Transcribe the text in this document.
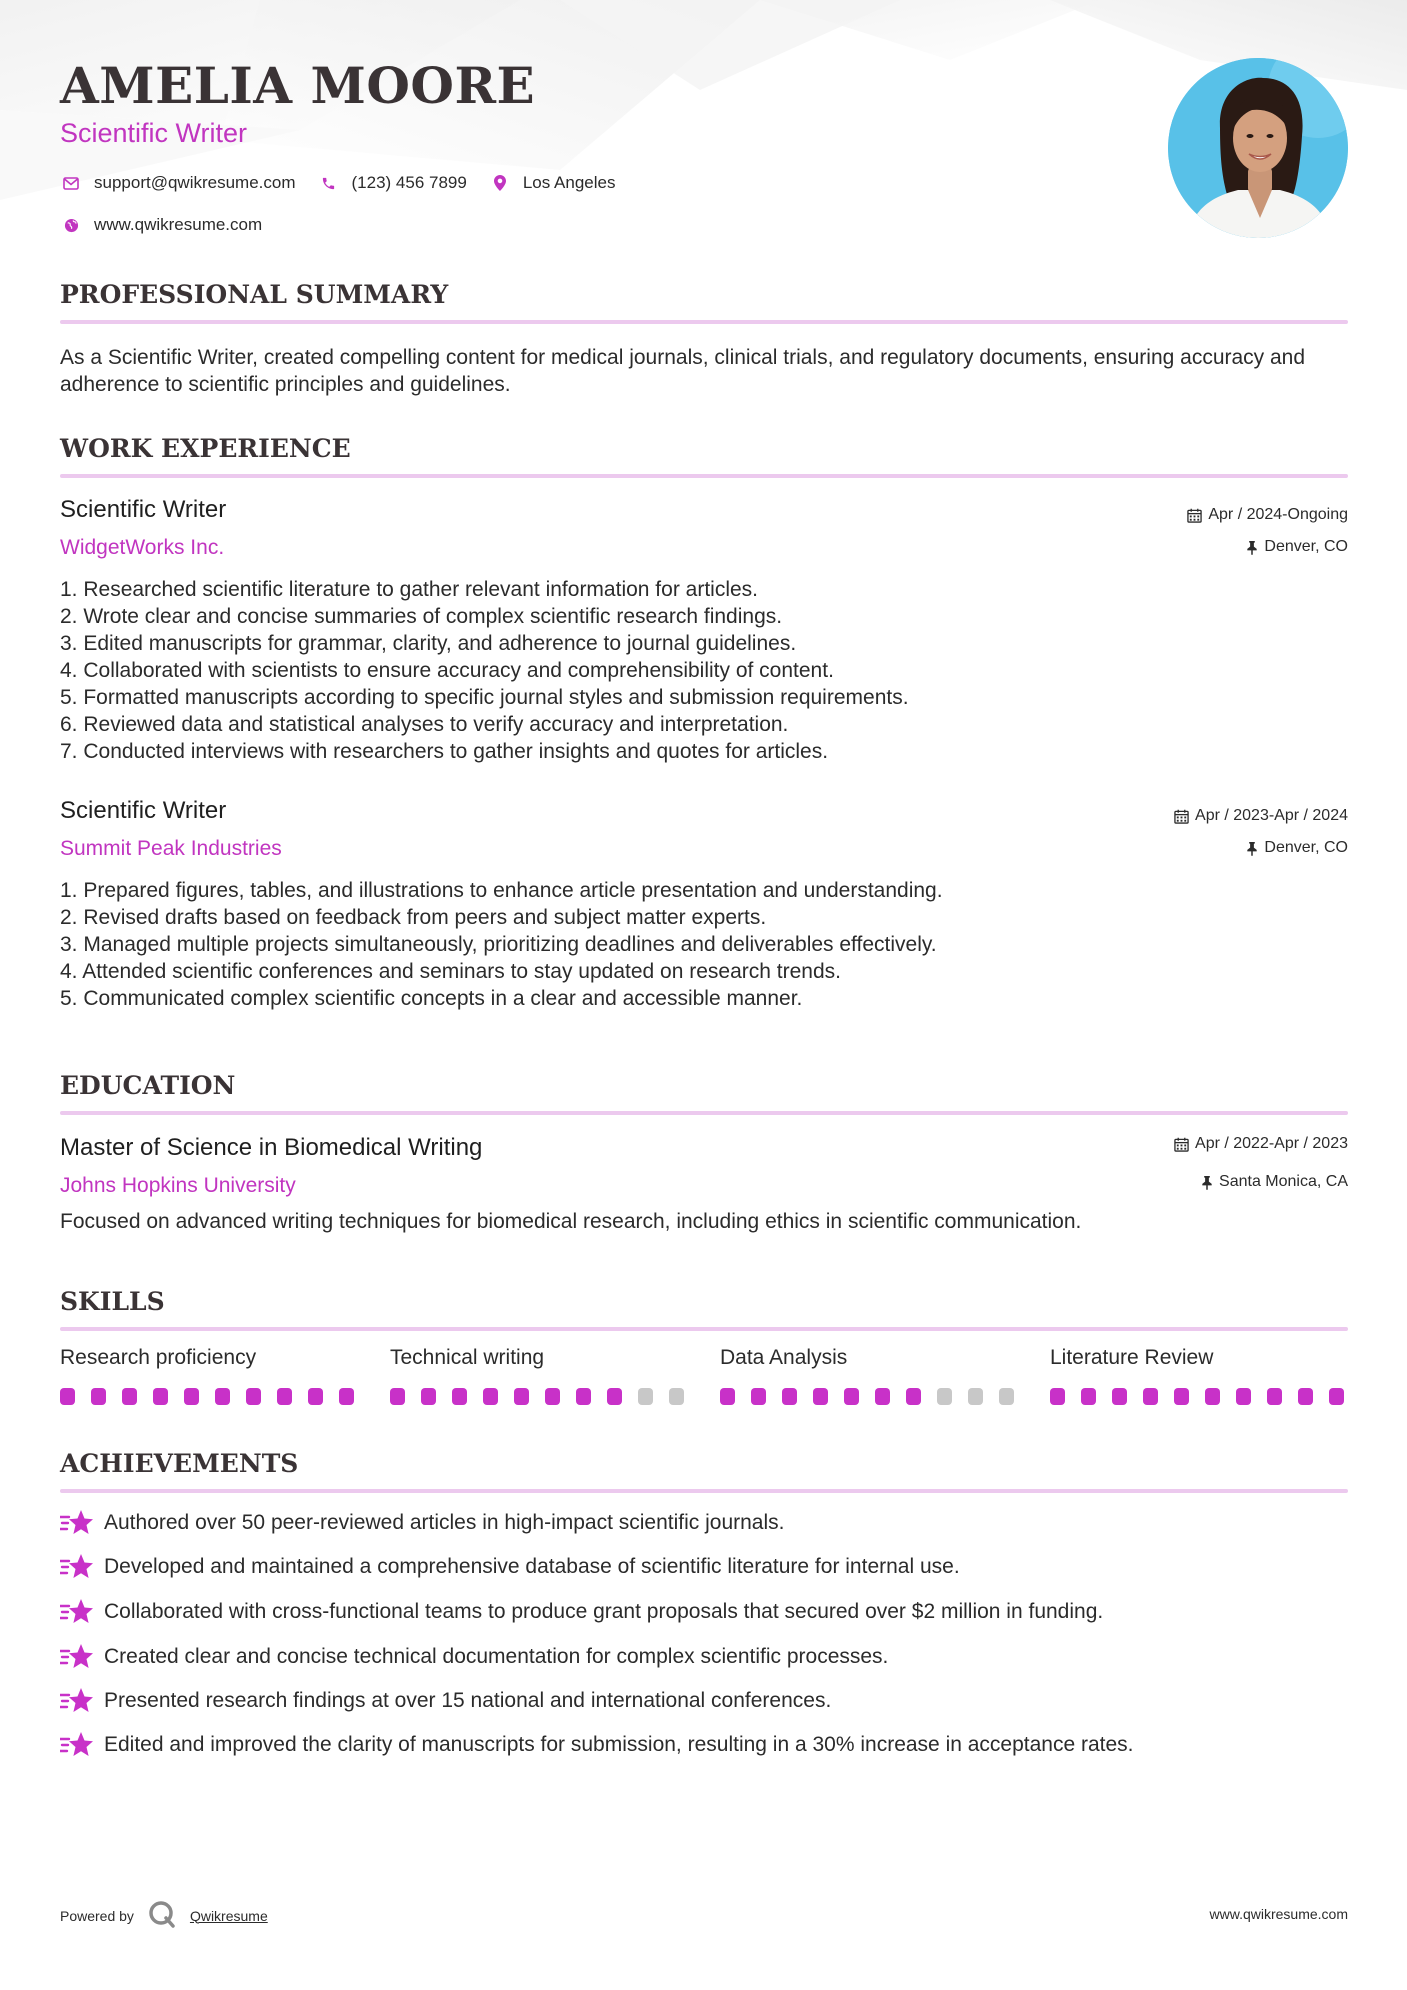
AMELIA MOORE
Scientific Writer
support@qwikresume.com	(123) 456 7899	Los Angeles
www.qwikresume.com
PROFESSIONAL SUMMARY
As a Scientific Writer, created compelling content for medical journals, clinical trials, and regulatory documents, ensuring accuracy and adherence to scientific principles and guidelines.
WORK EXPERIENCE
Scientific Writer	Apr / 2024-Ongoing
WidgetWorks Inc.	Denver, CO
1. Researched scientific literature to gather relevant information for articles.
2. Wrote clear and concise summaries of complex scientific research findings.
3. Edited manuscripts for grammar, clarity, and adherence to journal guidelines.
4. Collaborated with scientists to ensure accuracy and comprehensibility of content.
5. Formatted manuscripts according to specific journal styles and submission requirements.
6. Reviewed data and statistical analyses to verify accuracy and interpretation.
7. Conducted interviews with researchers to gather insights and quotes for articles.
Scientific Writer	Apr / 2023-Apr / 2024
Summit Peak Industries	Denver, CO
1. Prepared figures, tables, and illustrations to enhance article presentation and understanding.
2. Revised drafts based on feedback from peers and subject matter experts.
3. Managed multiple projects simultaneously, prioritizing deadlines and deliverables effectively.
4. Attended scientific conferences and seminars to stay updated on research trends.
5. Communicated complex scientific concepts in a clear and accessible manner.
EDUCATION
Master of Science in Biomedical Writing	Apr / 2022-Apr / 2023
Johns Hopkins University	Santa Monica, CA
Focused on advanced writing techniques for biomedical research, including ethics in scientific communication.
SKILLS
Research proficiency	Technical writing	Data Analysis	Literature Review
ACHIEVEMENTS
Authored over 50 peer-reviewed articles in high-impact scientific journals.
Developed and maintained a comprehensive database of scientific literature for internal use.
Collaborated with cross-functional teams to produce grant proposals that secured over $2 million in funding.
Created clear and concise technical documentation for complex scientific processes.
Presented research findings at over 15 national and international conferences.
Edited and improved the clarity of manuscripts for submission, resulting in a 30% increase in acceptance rates.
Powered by	Qwikresume	www.qwikresume.com
